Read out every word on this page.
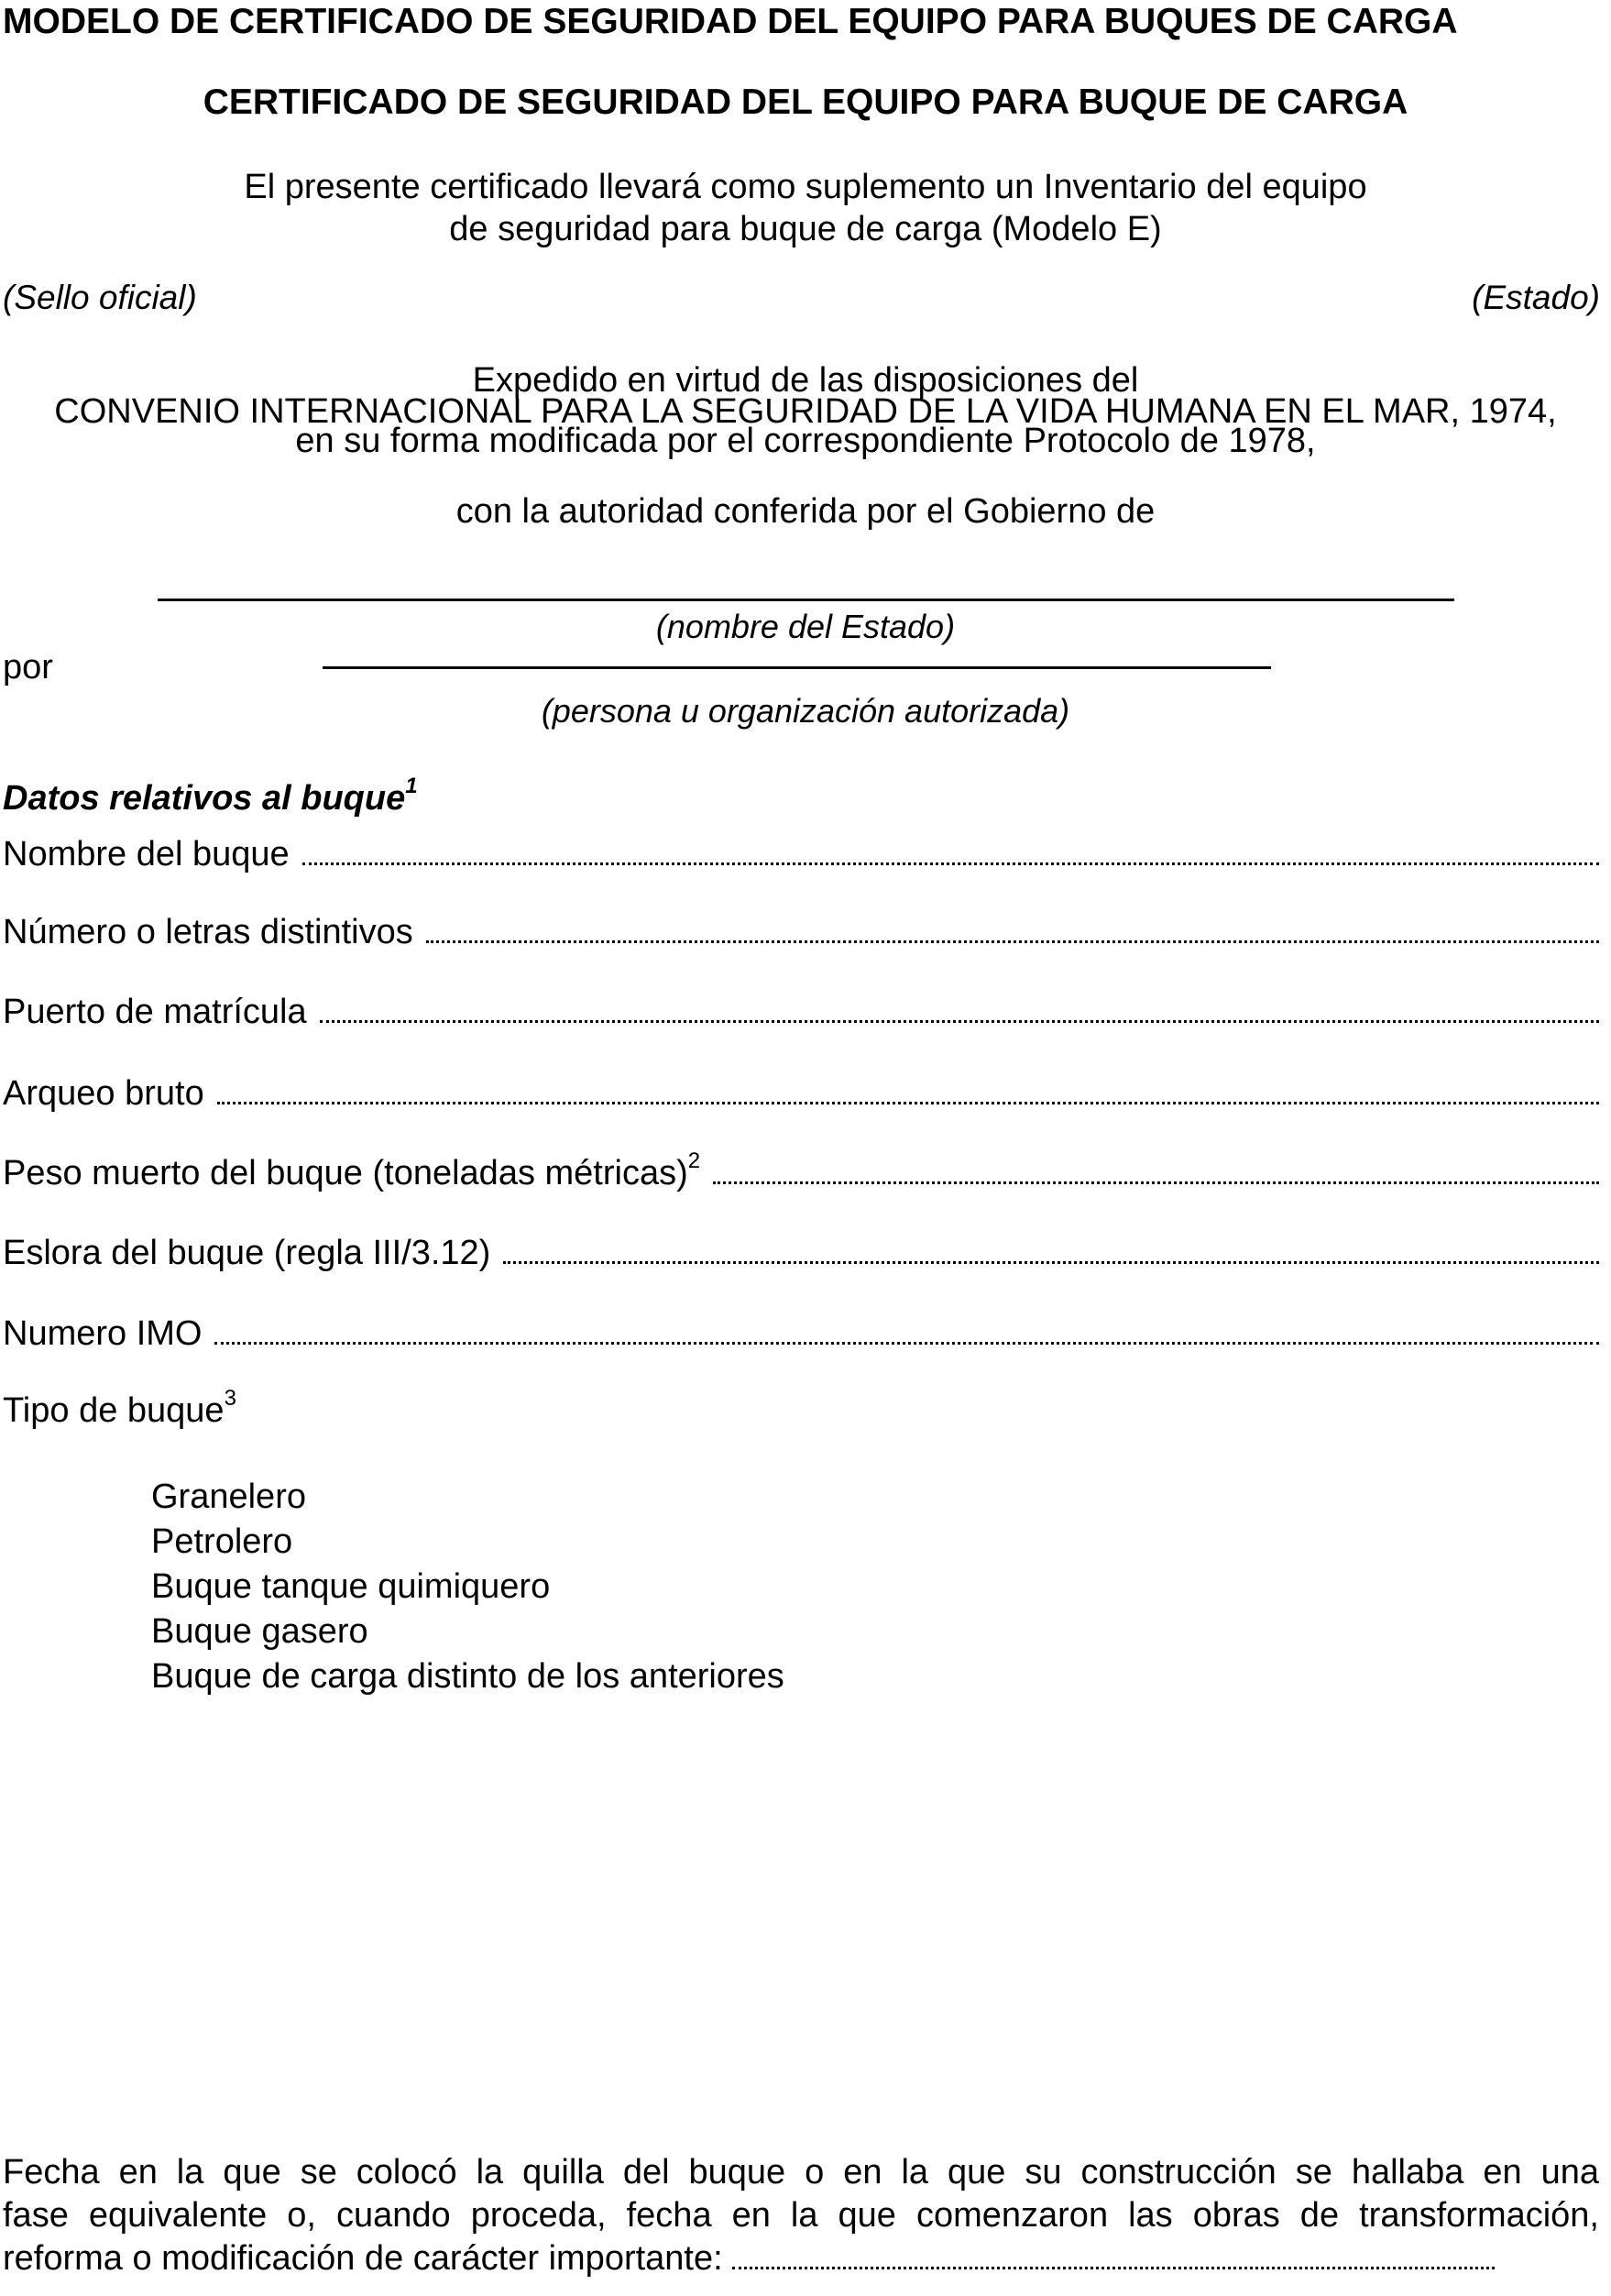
MODELO DE CERTIFICADO DE SEGURIDAD DEL EQUIPO PARA BUQUES DE CARGA
CERTIFICADO DE SEGURIDAD DEL EQUIPO PARA BUQUE DE CARGA
El presente certificado llevará como suplemento un Inventario del equipo
de seguridad para buque de carga (Modelo E)
(Sello oficial)	(Estado)
Expedido en virtud de las disposiciones del
CONVENIO INTERNACIONAL PARA LA SEGURIDAD DE LA VIDA HUMANA EN EL MAR, 1974,
en su forma modificada por el correspondiente Protocolo de 1978,
con la autoridad conferida por el Gobierno de
(nombre del Estado)
por
(persona u organización autorizada)
Datos relativos al buque$^1$
Nombre del buque
Número o letras distintivos
Puerto de matrícula
Arqueo bruto
Peso muerto del buque (toneladas métricas)$^2$
Eslora del buque (regla III/3.12)
Numero IMO
Tipo de buque$^3$
Granelero
Petrolero
Buque tanque quimiquero
Buque gasero
Buque de carga distinto de los anteriores
Fecha en la que se colocó la quilla del buque o en la que su construcción se hallaba en una
fase equivalente o, cuando proceda, fecha en la que comenzaron las obras de transformación,
reforma o modificación de carácter importante:
